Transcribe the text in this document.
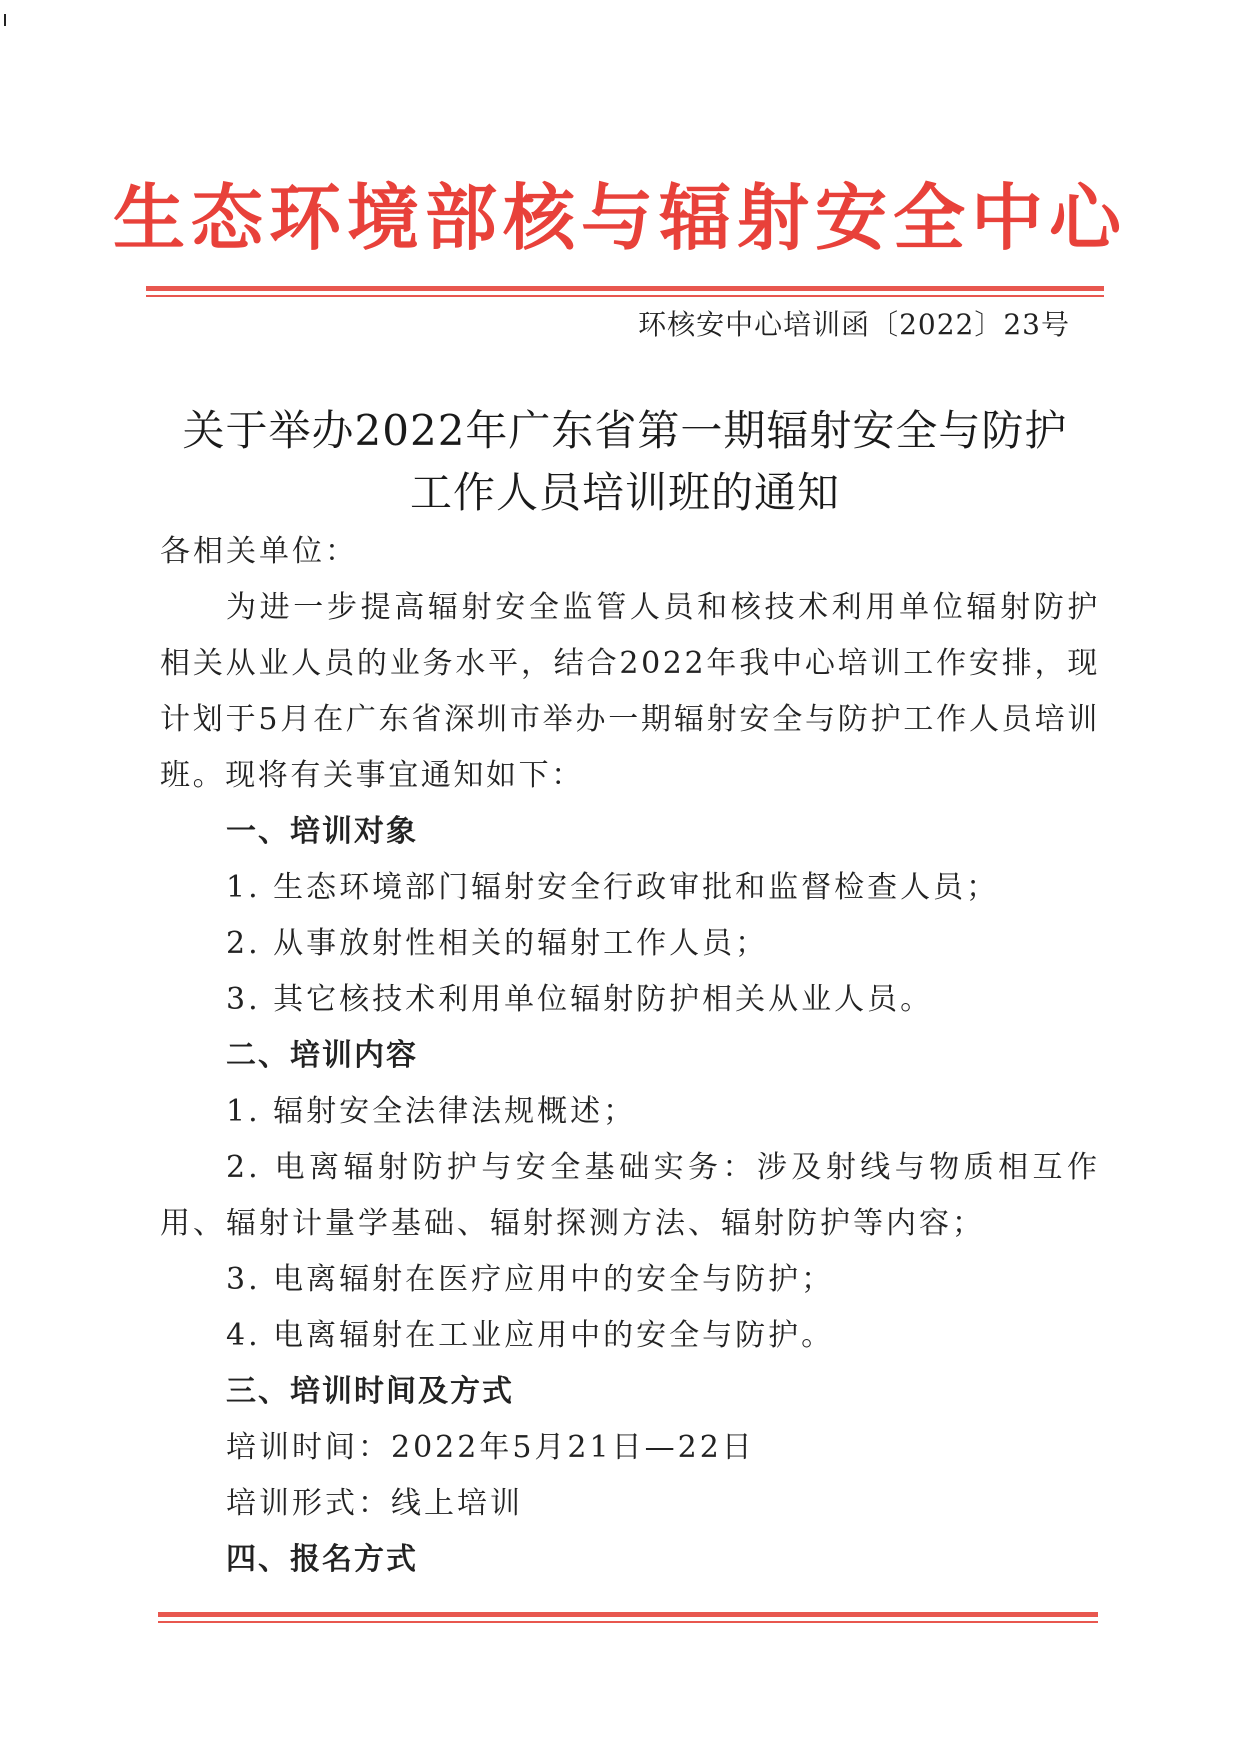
生态环境部核与辐射安全中心
环核安中心培训函〔2022〕23号
关于举办2022年广东省第一期辐射安全与防护
工作人员培训班的通知
各相关单位：
为进一步提高辐射安全监管人员和核技术利用单位辐射防护相关从业人员的业务水平，结合2022年我中心培训工作安排，现计划于5月在广东省深圳市举办一期辐射安全与防护工作人员培训班。现将有关事宜通知如下：
一、培训对象
1. 生态环境部门辐射安全行政审批和监督检查人员；
2. 从事放射性相关的辐射工作人员；
3. 其它核技术利用单位辐射防护相关从业人员。
二、培训内容
1. 辐射安全法律法规概述；
2. 电离辐射防护与安全基础实务：涉及射线与物质相互作用、辐射计量学基础、辐射探测方法、辐射防护等内容；
3. 电离辐射在医疗应用中的安全与防护；
4. 电离辐射在工业应用中的安全与防护。
三、培训时间及方式
培训时间：2022年5月21日—22日
培训形式：线上培训
四、报名方式
